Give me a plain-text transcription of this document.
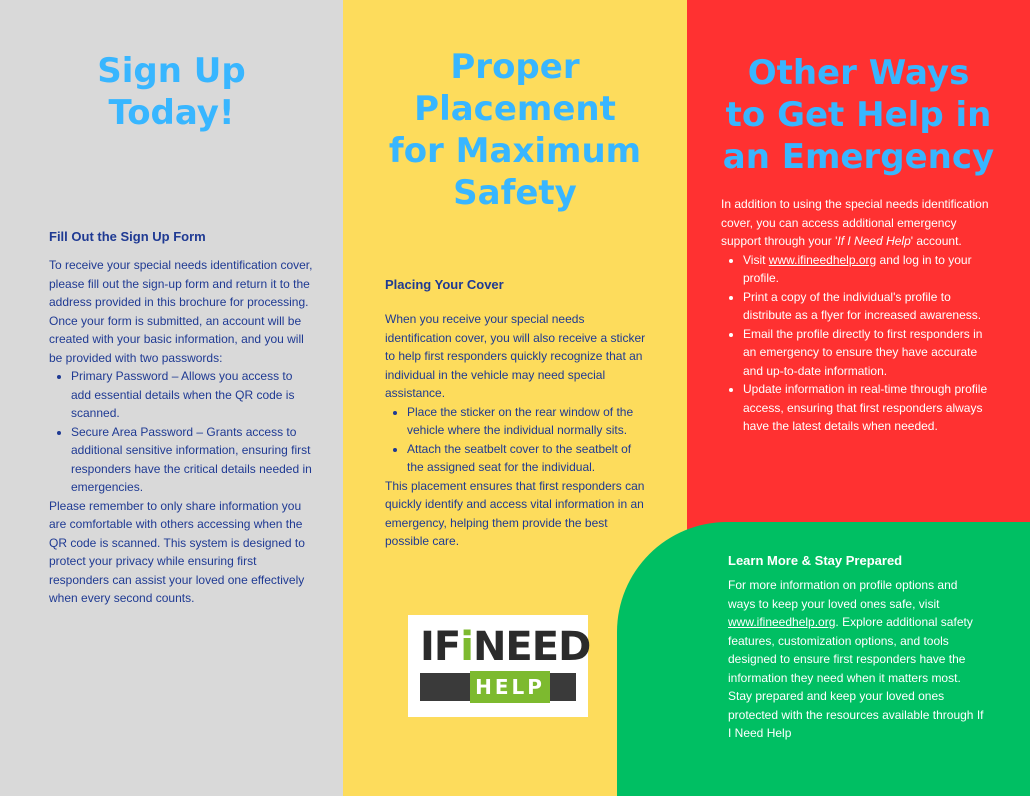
Sign Up
Today!
Fill Out the Sign Up Form
To receive your special needs identification cover, please fill out the sign-up form and return it to the address provided in this brochure for processing. Once your form is submitted, an account will be created with your basic information, and you will be provided with two passwords:
• Primary Password – Allows you access to add essential details when the QR code is scanned.
• Secure Area Password – Grants access to additional sensitive information, ensuring first responders have the critical details needed in emergencies.
Please remember to only share information you are comfortable with others accessing when the QR code is scanned. This system is designed to protect your privacy while ensuring first responders can assist your loved one effectively when every second counts.
Proper
Placement
for Maximum
Safety
Placing Your Cover
When you receive your special needs identification cover, you will also receive a sticker to help first responders quickly recognize that an individual in the vehicle may need special assistance.
• Place the sticker on the rear window of the vehicle where the individual normally sits.
• Attach the seatbelt cover to the seatbelt of the assigned seat for the individual.
This placement ensures that first responders can quickly identify and access vital information in an emergency, helping them provide the best possible care.
IFiNEED
HELP
Other Ways
to Get Help in
an Emergency
In addition to using the special needs identification cover, you can access additional emergency support through your 'If I Need Help' account.
• Visit www.ifineedhelp.org and log in to your profile.
• Print a copy of the individual's profile to distribute as a flyer for increased awareness.
• Email the profile directly to first responders in an emergency to ensure they have accurate and up-to-date information.
• Update information in real-time through profile access, ensuring that first responders always have the latest details when needed.
Learn More & Stay Prepared
For more information on profile options and ways to keep your loved ones safe, visit www.ifineedhelp.org. Explore additional safety features, customization options, and tools designed to ensure first responders have the information they need when it matters most. Stay prepared and keep your loved ones protected with the resources available through If I Need Help
